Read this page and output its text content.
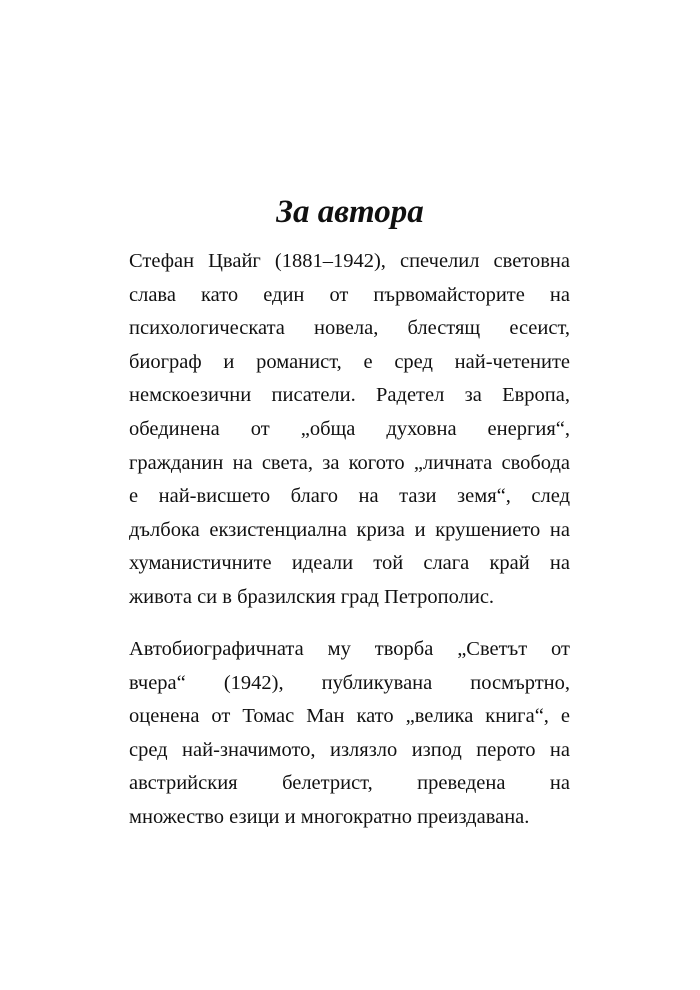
За автора
Стефан Цвайг (1881–1942), спечелил световна
слава като един от първомайсторите на
психологическата новела, блестящ есеист,
биограф и романист, е сред най-четените
немскоезични писатели. Радетел за Европа,
обединена от „обща духовна енергия“,
гражданин на света, за когото „личната свобода
е най-висшето благо на тази земя“, след
дълбока екзистенциална криза и крушението на
хуманистичните идеали той слага край на
живота си в бразилския град Петрополис.
Автобиографичната му творба „Светът от
вчера“ (1942), публикувана посмъртно,
оценена от Томас Ман като „велика книга“, е
сред най-значимото, излязло изпод перото на
австрийския белетрист, преведена на
множество езици и многократно преиздавана.
